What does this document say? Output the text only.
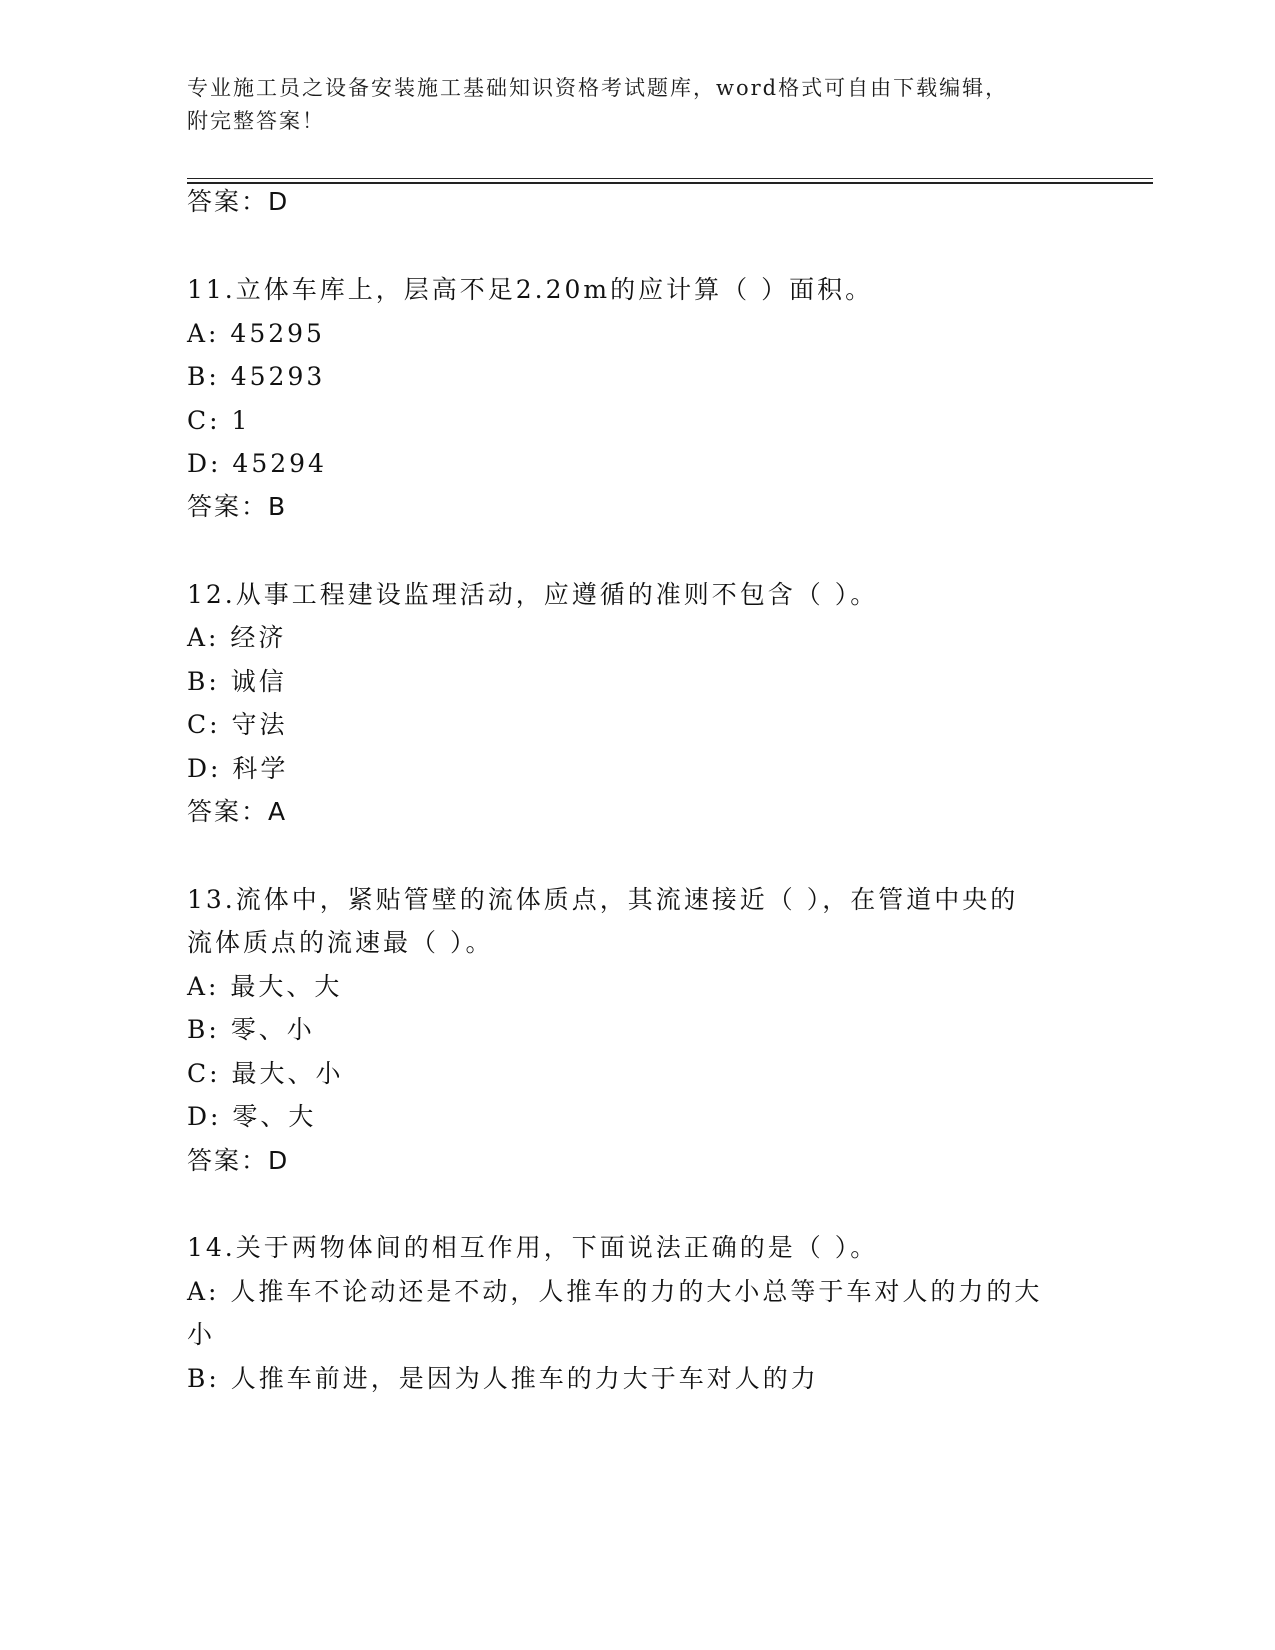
专业施工员之设备安装施工基础知识资格考试题库，word格式可自由下载编辑，
附完整答案！
答案：D
11.立体车库上，层高不足2.20m的应计算（ ）面积。
A: 45295
B: 45293
C: 1
D: 45294
答案：B
12.从事工程建设监理活动，应遵循的准则不包含（ ）。
A: 经济
B: 诚信
C: 守法
D: 科学
答案：A
13.流体中，紧贴管壁的流体质点，其流速接近（ ），在管道中央的
流体质点的流速最（ ）。
A: 最大、大
B: 零、小
C: 最大、小
D: 零、大
答案：D
14.关于两物体间的相互作用，下面说法正确的是（ ）。
A: 人推车不论动还是不动，人推车的力的大小总等于车对人的力的大
小
B: 人推车前进，是因为人推车的力大于车对人的力
